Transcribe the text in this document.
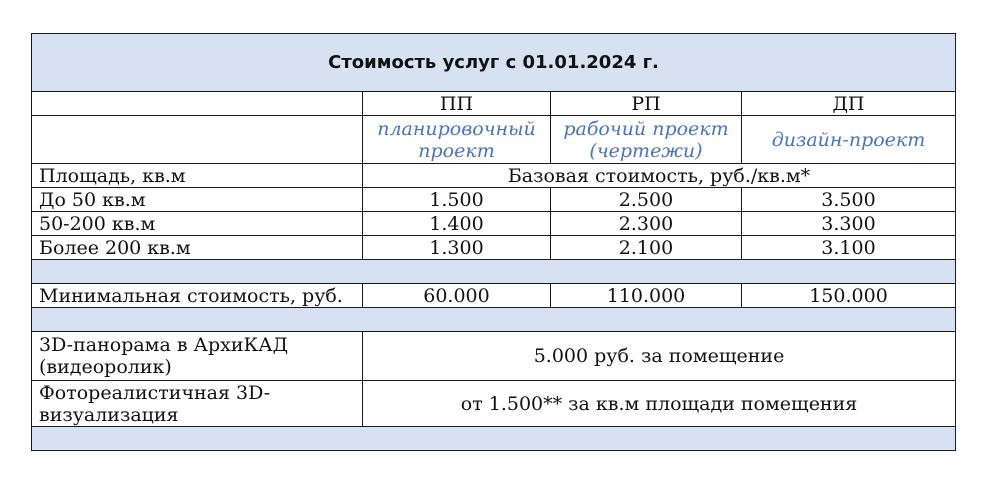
Стоимость услуг с 01.01.2024 г.			
	ПП	РП	ДП
	планировочный проект	рабочий проект (чертежи)	дизайн-проект
Площадь, кв.м	Базовая стоимость, руб./кв.м*		
До 50 кв.м	1.500	2.500	3.500
50-200 кв.м	1.400	2.300	3.300
Более 200 кв.м	1.300	2.100	3.100

Минимальная стоимость, руб.	60.000	110.000	150.000

3D-панорама в АрхиКАД (видеоролик)	5.000 руб. за помещение		
Фотореалистичная 3D-визуализация	от 1.500** за кв.м площади помещения		
